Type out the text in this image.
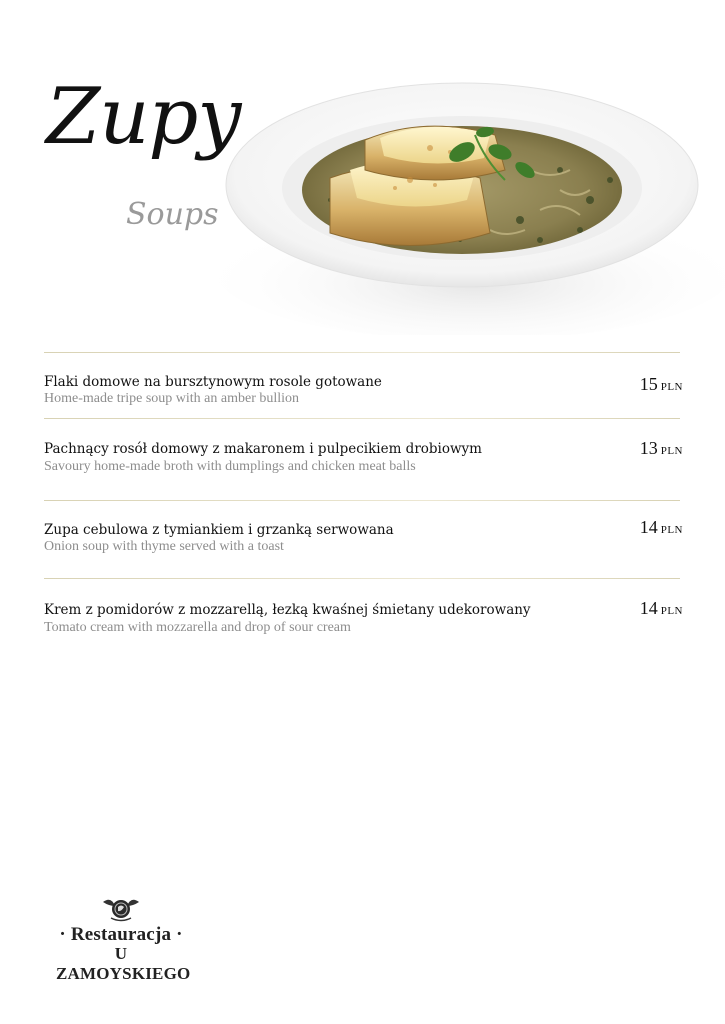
Zupy
Soups
Flaki domowe na bursztynowym rosole gotowane
Home-made tripe soup with an amber bullion
15 PLN
Pachnący rosół domowy z makaronem i pulpecikiem drobiowym
Savoury home-made broth with dumplings and chicken meat balls
13 PLN
Zupa cebulowa z tymiankiem i grzanką serwowana
Onion soup with thyme served with a toast
14 PLN
Krem z pomidorów z mozzarellą, łezką kwaśnej śmietany udekorowany
Tomato cream with mozzarella and drop of sour cream
14 PLN
· Restauracja ·
U ZAMOYSKIEGO
